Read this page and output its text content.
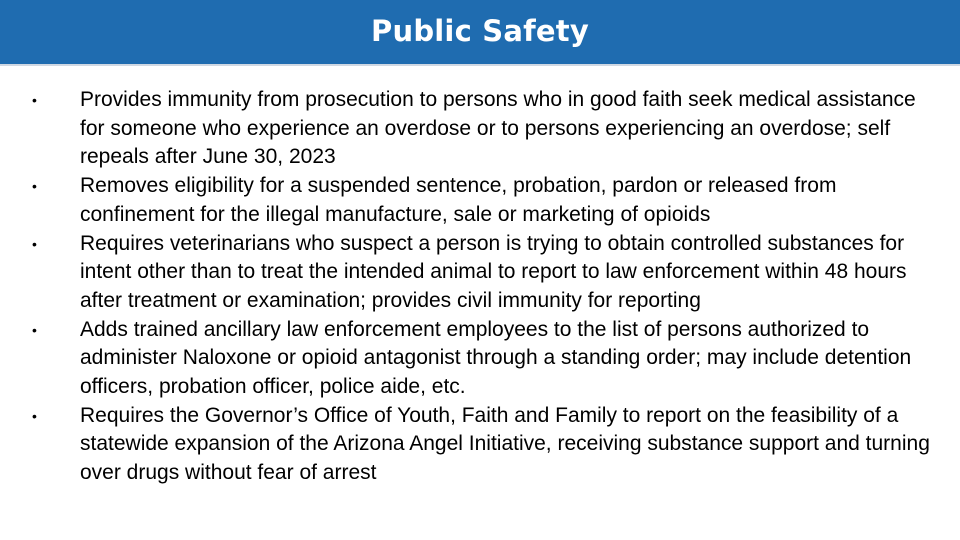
Public Safety
• Provides immunity from prosecution to persons who in good faith seek medical assistance for someone who experience an overdose or to persons experiencing an overdose; self repeals after June 30, 2023
• Removes eligibility for a suspended sentence, probation, pardon or released from confinement for the illegal manufacture, sale or marketing of opioids
• Requires veterinarians who suspect a person is trying to obtain controlled substances for intent other than to treat the intended animal to report to law enforcement within 48 hours after treatment or examination; provides civil immunity for reporting
• Adds trained ancillary law enforcement employees to the list of persons authorized to administer Naloxone or opioid antagonist through a standing order; may include detention officers, probation officer, police aide, etc.
• Requires the Governor’s Office of Youth, Faith and Family to report on the feasibility of a statewide expansion of the Arizona Angel Initiative, receiving substance support and turning over drugs without fear of arrest
